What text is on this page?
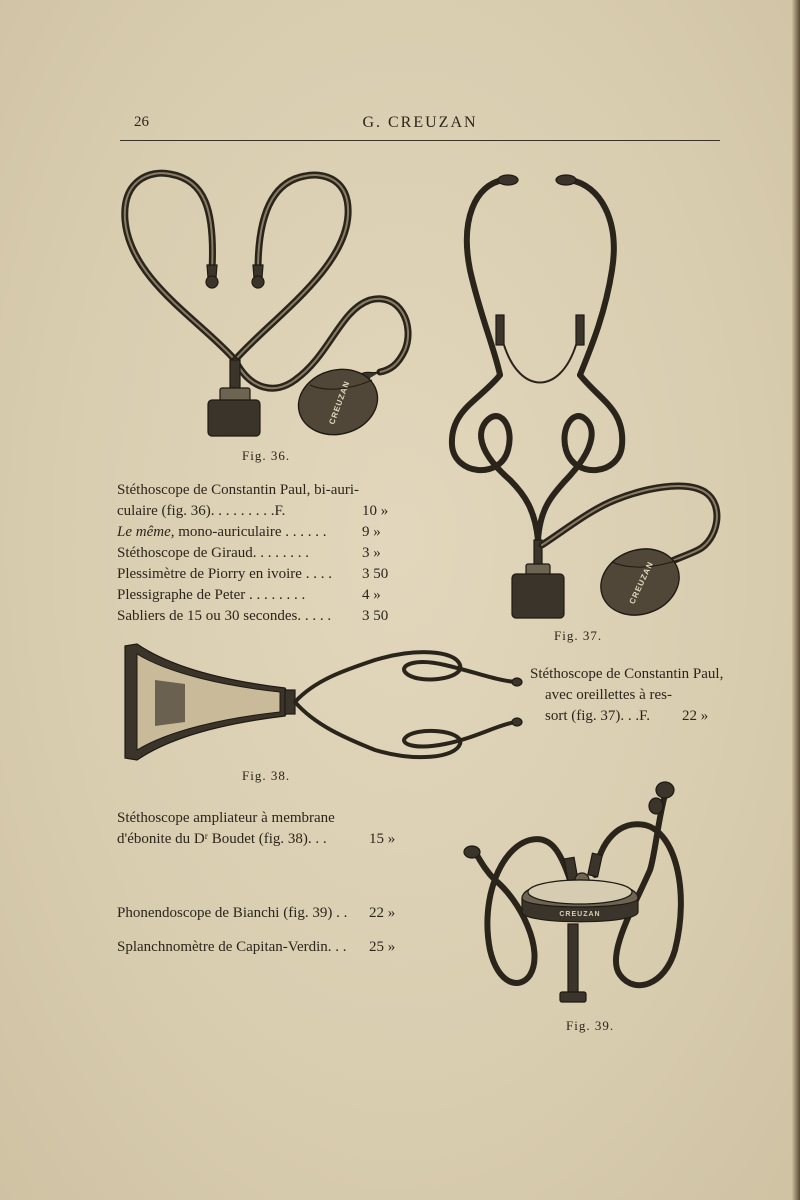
26	G. CREUZAN
CREUZAN
Fig. 36.
CREUZAN
Fig. 37.
Stéthoscope de Constantin Paul, bi-auri-
culaire (fig. 36). . . . . . . . .F.	10 »
Le même, mono-auriculaire . . . . . . 9 »
Stéthoscope de Giraud. . . . . . . .	3 »
Plessimètre de Piorry en ivoire . . . . 3 50
Plessigraphe de Peter . . . . . . . .	4 »
Sabliers de 15 ou 30 secondes. . . . . 3 50
Fig. 38.
Stéthoscope de Constantin Paul,
avec oreillettes à res-
sort (fig. 37). . .F. 22 »
Stéthoscope ampliateur à membrane
d'ébonite du Dʳ Boudet (fig. 38). . .	15 »
Phonendoscope de Bianchi (fig. 39) . . 22 »
Splanchnomètre de Capitan-Verdin. . . 25 »
CREUZAN
Fig. 39.
